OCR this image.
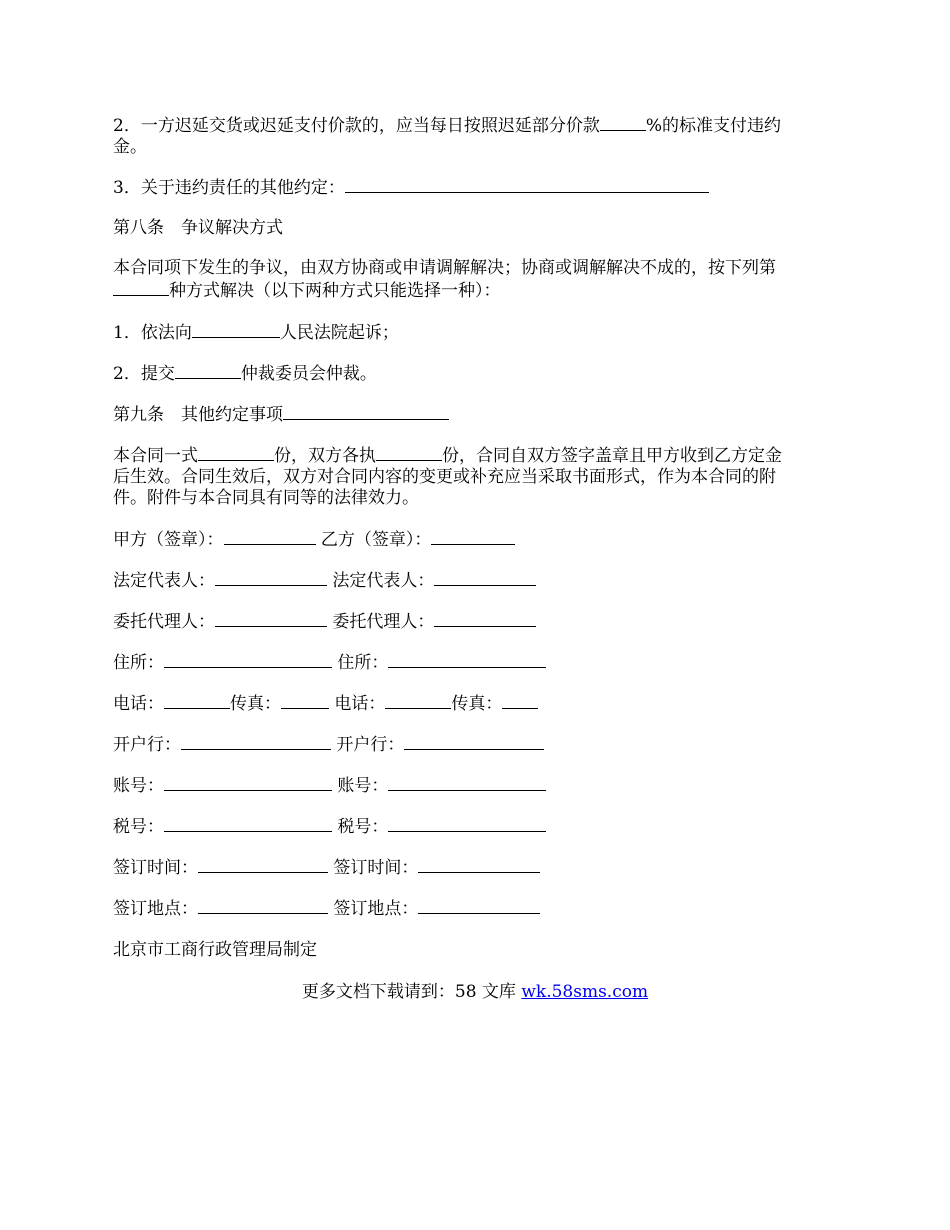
2．一方迟延交货或迟延支付价款的，应当每日按照迟延部分价款	%的标准支付违约
金。
3．关于违约责任的其他约定：
第八条　争议解决方式
本合同项下发生的争议，由双方协商或申请调解解决；协商或调解解决不成的，按下列第
种方式解决（以下两种方式只能选择一种）：
1．依法向	人民法院起诉；
2．提交	仲裁委员会仲裁。
第九条　其他约定事项
本合同一式	份，双方各执	份，合同自双方签字盖章且甲方收到乙方定金
后生效。合同生效后，双方对合同内容的变更或补充应当采取书面形式，作为本合同的附
件。附件与本合同具有同等的法律效力。
甲方（签章）：	乙方（签章）：
法定代表人：	法定代表人：
委托代理人：	委托代理人：
住所：	住所：
电话：	传真：	电话：	传真：
开户行：	开户行：
账号：	账号：
税号：	税号：
签订时间：	签订时间：
签订地点：	签订地点：
北京市工商行政管理局制定
更多文档下载请到：58 文库 wk.58sms.com
